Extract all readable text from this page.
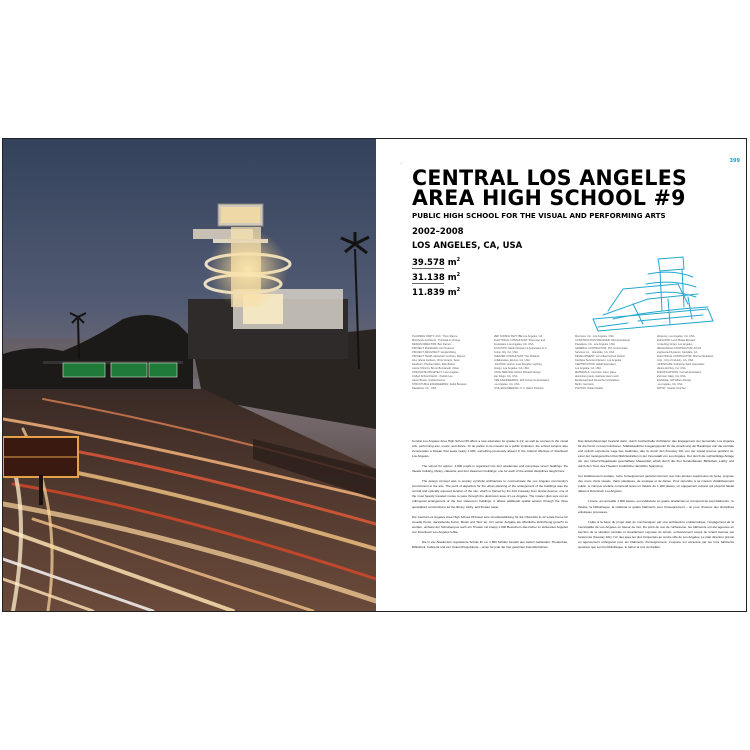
—	399
CENTRAL LOS ANGELES
AREA HIGH SCHOOL #9
PUBLIC HIGH SCHOOL FOR THE VISUAL AND PERFORMING ARTS
2002–2008
LOS ANGELES, CA, USA
39.578 $m^2$
31.138 $m^2$
11.839 $m^2$
PLANNING PARTY: Arch. Thom Mayne
Morphosis Architects · Principal in Charge
DESIGN DIRECTOR: Ben Damon
PROJECT MANAGER: Kim Pearson
PROJECT ARCHITECT: Gerald Wang
PROJECT TEAM: Alexander Cochran, Marcus
Alex, Elena Jackson, Chris Greene, Sean
Dearborn, Pauline Gibbs, Rick Bobos
Janice Shimizu, Bruno Bondanelli, Vickie
ASSOCIATE ARCHITECT: Loss Angeles
Unified School District · Patrick Lee
Aaron Brown, Andrea Dorner
STRUCTURAL ENGINEERING: Saiful Bouquet
Pasadena, CA · USA
MEP CONSULTANT: IBE Los Angeles, CA
ELECTRICAL CONSULTANT: Silverman and
Associates, Los Angeles, CA, USA
ACOUSTIC: Martin Newson & Associates LLC,
Culver City, CA, USA
THEATER CONSULTANT: The Shalleck
Collaborative, Encino, CA, USA
LIGHTING: Horton Lees Brogden Lighting
Design, Los Angeles, CA, USA
FOOD SERVICE: Robert Rhoads Design
San Diego, CA, USA
FIRE ENGINEERING: Rolf Jensen & Associates
Los Angeles, CA, USA
CIVIL ENGINEERING: K. F. Hall & Partners
Monrovia, CA · Los Angeles, USA
CONSTRUCTION MANAGER: Hill International
Pasadena, CA · Los Angeles, USA
GENERAL CONTRACTOR: PCL Construction
Services Inc. · Glendale, CA, USA
DEVELOPMENT: LA Unified School District
Facilities Services Division, Los Angeles
CERTIFICATION: LEED Equivalent
Los Angeles, CA, USA
MATERIALS: Concrete, steel, glass,
aluminium panel, stainless steel mesh
Bundesverband Deutscher Architekten
Berlin, Germany
PHOTOS: Roland Halbe
Monterey, Los Angeles, CA, USA
ELEVATOR: Lerch Bates Elevator
Consulting Group, Los Angeles
MECHANICAL CONTRACTOR: ACCO
Engineered Systems, Glendale, CA
ELECTRICAL CONTRACTOR: Morrow Meadows
Corp., City of Industry, CA, USA
LANDSCAPE: Katherine Spitz Associates
Marina del Rey, CA, USA
SPECIFICATIONS: Conrad Associates
Sherman Oaks, CA, USA
SIGNAGE: Jeff Wilson Design
Los Angeles, CA, USA
ARTIST: Colette Crutcher

Central Los Angeles Area High School #9 offers a new education for grades 9–12, as well as courses in the visual arts, performing arts, music, and dance. To do justice to its mission as a public institution, the school campus also incorporates a theater that seats nearly 1,000, something previously absent in the cultural offerings of downtown Los Angeles.

The school for approx. 1,800 pupils is organized into four academies and comprises seven buildings: the theater building, library, cafeteria, and four classroom buildings; one for each of the artistic disciplines taught here.

The design concept was to employ symbolic architecture to communicate the Los Angeles community's commitment to the arts. The point of departure for the urban planning of the arrangement of the buildings was the central and optically exposed location of the site, which is framed by the 101 Freeway from Grand Avenue, one of the most heavily traveled routes to pass through the downtown area of Los Angeles. The master plan sets out an orthogonal arrangement of the four classroom buildings. It allows additional spatial tension through the three specialized constructions for the library, lobby, and theater tower.

Die Central Los Angeles Area High School #9 bietet eine Grundausbildung für die Oberstufe 9–12 sowie Kurse für visuelle Kunst, darstellende Kunst, Musik und Tanz an. Um seiner Aufgabe als öffentliche Einrichtung gerecht zu werden, umfasst der Schulcampus auch ein Theater mit knapp 1.000 Besuchern das bisher im kulturellen Angebot von Downtown Los Angeles fehlte.

Die in vier Akademien organisierte Schule für ca. 1.800 Schüler besteht aus sieben Gebäuden: Theaterbau, Bibliothek, Cafeteria und vier Unterrichtsgebäude – einen für jede der hier gelehrten Kunstdisziplinen.

Das Entwurfskonzept bestand darin, durch zeichenhafte Architektur das Engagement der Gemeinde Los Angeles für die Kunst zu kommunizieren. Städtebaulicher Ausgangspunkt für die Anordnung der Baukörper war die zentrale und optisch exponierte Lage des Geländes, das im durch den Freeway 101 von der Grand Avenue gerahmt ist, einer der meistgenutzten Durchfahrtsstraßen in der Innenstadt von Los Angeles. Der durch die rechtwinklige Anlage der vier Unterrichtsgebäude geschaffene Masterplan erhält durch die drei Sonderbauten Bibliothek, Lobby und durch den Turm des Theaters zusätzliche räumliche Spannung.

Cet établissement scolaire, outre l'enseignement général commun aux trois années supérieures du lycée, propose des cours d'arts visuels, d'arts plastiques, de musique et de danse. Pour répondre à sa mission d'établissement public, le campus scolaire comprend aussi un théâtre de 1 000 places, un équipement culturel qui jusqu'ici faisait défaut à Downtown Los Angeles.

L'école, qui accueille 1 800 élèves, est subdivisée en quatre académies et comprend de sept bâtiments : le théâtre, la bibliothèque, la cafétéria et quatre bâtiments pour l'enseignement – un pour chacune des disciplines artistiques proposées.

L'idée à la base du projet était de communiquer par une architecture emblématique, l'engagement de la municipalité de Los Angeles en faveur de l'art. Du point de vue de l'urbanisme, les bâtiments ont été agencés en fonction de la situation centrale et visuellement exposée du terrain, exclusivement coupé de Grand Avenue par l'autoroute (freeway 101), l'un des axes les plus fréquentés au centre-ville de Los Angeles. Le plan directeur prévoit un agencement orthogonal pour les bâtiments d'enseignement. L'espace est accentué par les trois bâtiments spéciaux que sont la bibliothèque, le hall et la tour du théâtre.
